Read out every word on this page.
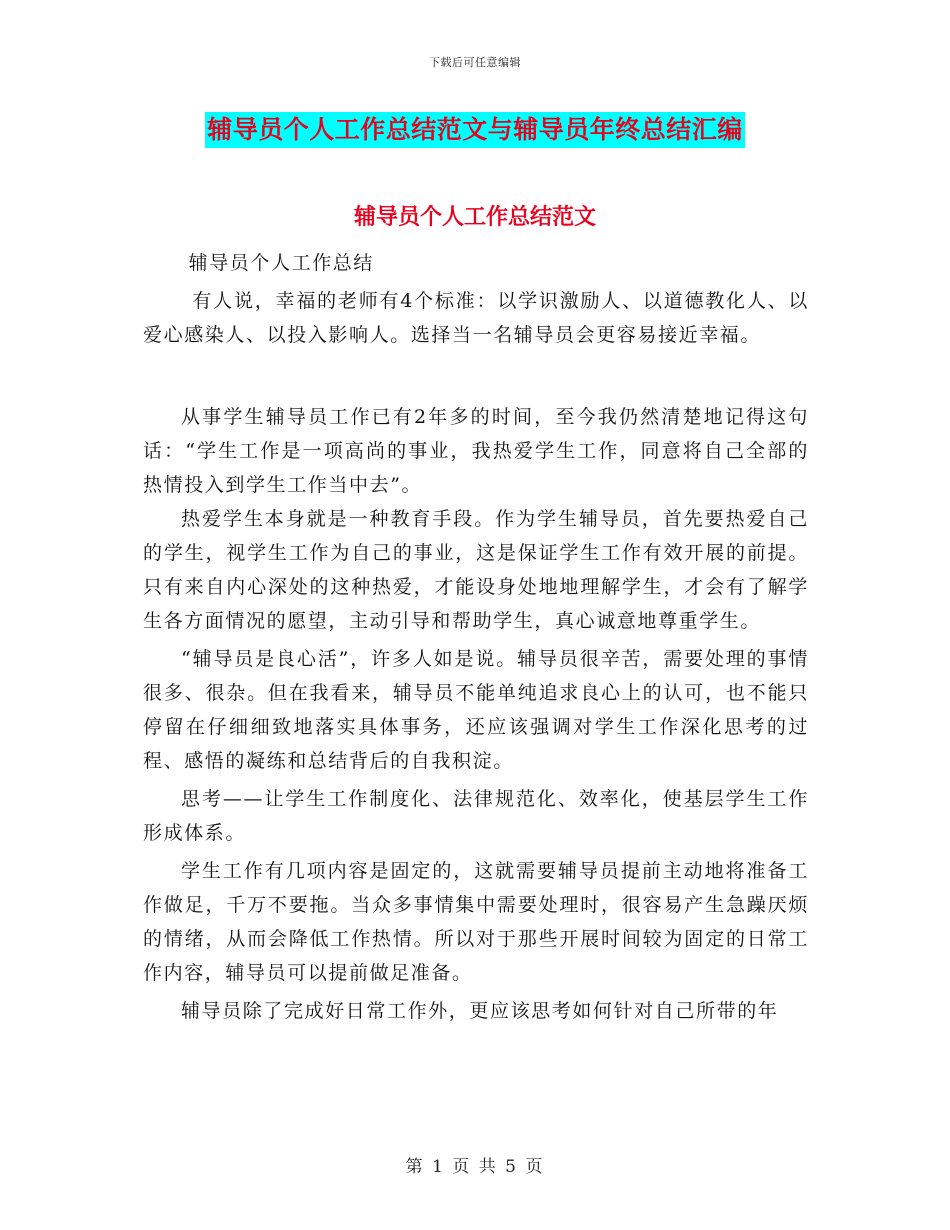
下载后可任意编辑
辅导员个人工作总结范文与辅导员年终总结汇编
辅导员个人工作总结范文

辅导员个人工作总结

有人说，幸福的老师有4个标准：以学识激励人、以道德教化人、以爱心感染人、以投入影响人。选择当一名辅导员会更容易接近幸福。

从事学生辅导员工作已有2年多的时间，至今我仍然清楚地记得这句话：“学生工作是一项高尚的事业，我热爱学生工作，同意将自己全部的热情投入到学生工作当中去”。

热爱学生本身就是一种教育手段。作为学生辅导员，首先要热爱自己的学生，视学生工作为自己的事业，这是保证学生工作有效开展的前提。只有来自内心深处的这种热爱，才能设身处地地理解学生，才会有了解学生各方面情况的愿望，主动引导和帮助学生，真心诚意地尊重学生。

“辅导员是良心活”，许多人如是说。辅导员很辛苦，需要处理的事情很多、很杂。但在我看来，辅导员不能单纯追求良心上的认可，也不能只停留在仔细细致地落实具体事务，还应该强调对学生工作深化思考的过程、感悟的凝练和总结背后的自我积淀。

思考——让学生工作制度化、法律规范化、效率化，使基层学生工作形成体系。

学生工作有几项内容是固定的，这就需要辅导员提前主动地将准备工作做足，千万不要拖。当众多事情集中需要处理时，很容易产生急躁厌烦的情绪，从而会降低工作热情。所以对于那些开展时间较为固定的日常工作内容，辅导员可以提前做足准备。

辅导员除了完成好日常工作外，更应该思考如何针对自己所带的年

第 1 页 共 5 页
